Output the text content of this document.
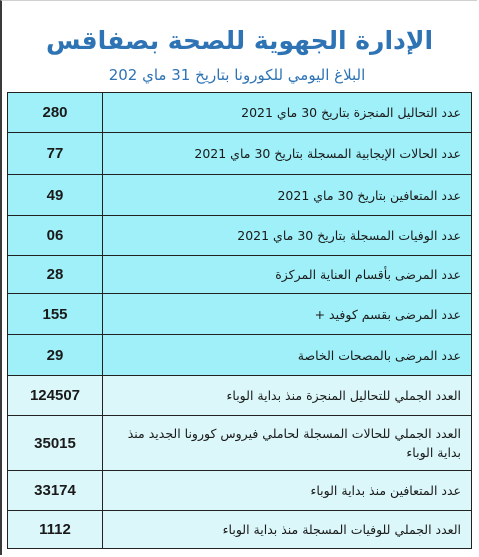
الإدارة الجهوية للصحة بصفاقس
البلاغ اليومي للكورونا بتاريخ 31 ماي 202
280	عدد التحاليل المنجزة بتاريخ 30 ماي 2021
77	عدد الحالات الإيجابية المسجلة بتاريخ 30 ماي 2021
49	عدد المتعافين بتاريخ 30 ماي 2021
06	عدد الوفيات المسجلة بتاريخ 30 ماي 2021
28	عدد المرضى بأقسام العناية المركزة
155	عدد المرضى بقسم كوفيد +
29	عدد المرضى بالمصحات الخاصة
124507	العدد الجملي للتحاليل المنجزة منذ بداية الوباء
35015	العدد الجملي للحالات المسجلة لحاملي فيروس كورونا الجديد منذ بداية الوباء
33174	عدد المتعافين منذ بداية الوباء
1112	العدد الجملي للوفيات المسجلة منذ بداية الوباء
